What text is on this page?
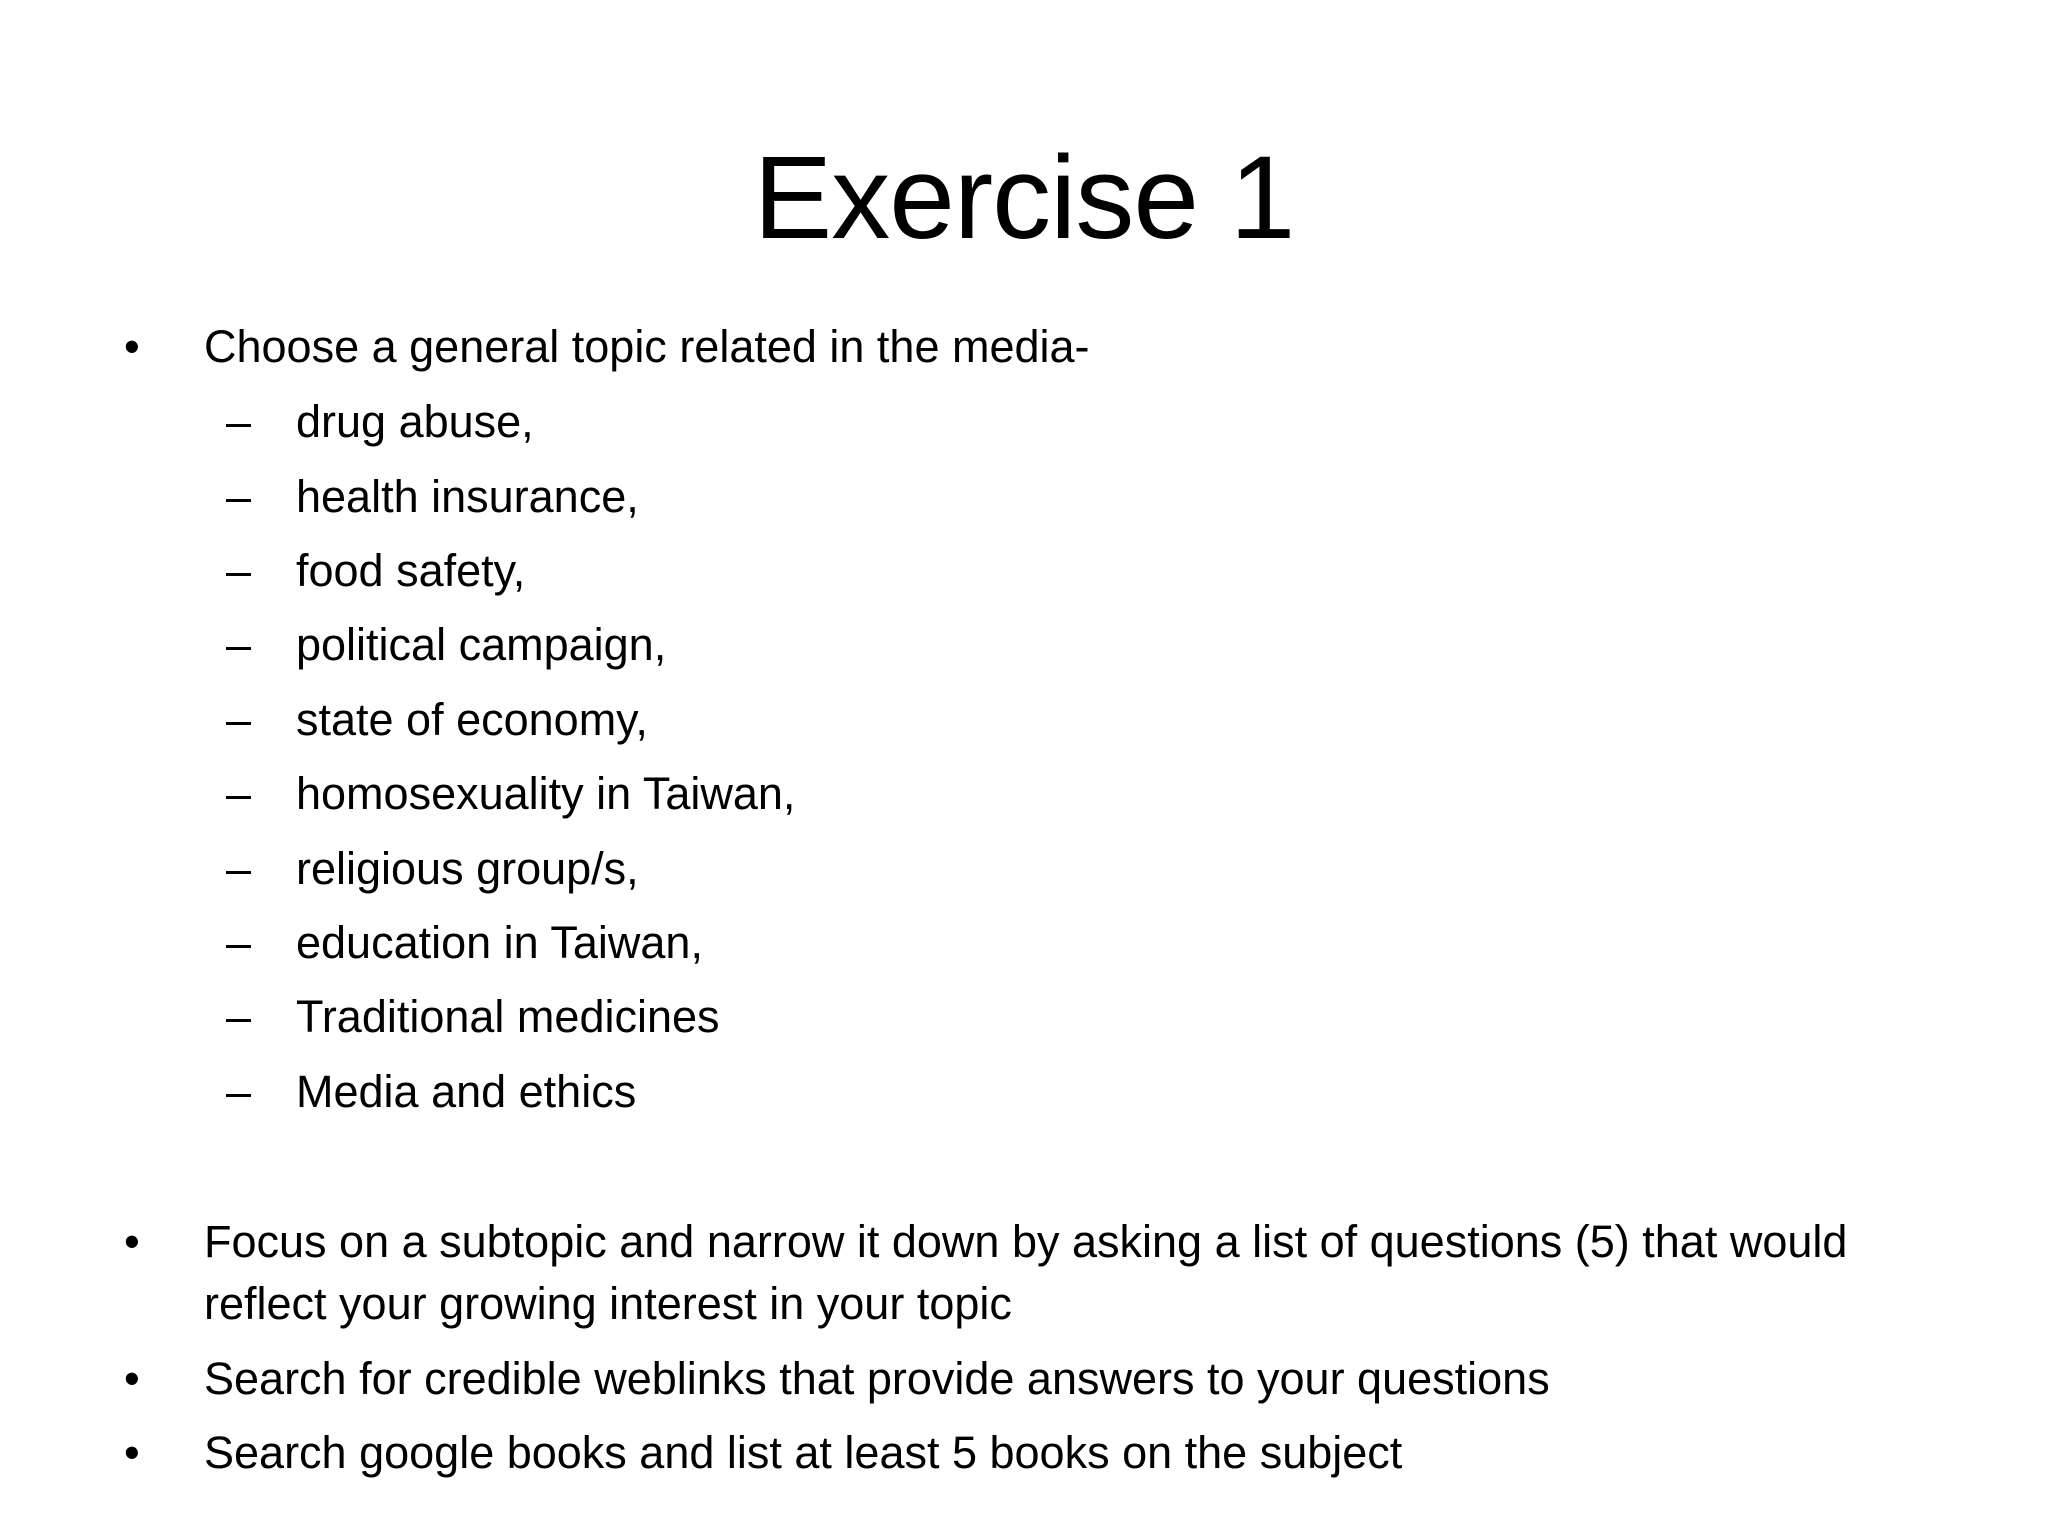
Exercise 1
• Choose a general topic related in the media-
– drug abuse,
– health insurance,
– food safety,
– political campaign,
– state of economy,
– homosexuality in Taiwan,
– religious group/s,
– education in Taiwan,
– Traditional medicines
– Media and ethics
• Focus on a subtopic and narrow it down by asking a list of questions (5) that would
reflect your growing interest in your topic
• Search for credible weblinks that provide answers to your questions
• Search google books and list at least 5 books on the subject
